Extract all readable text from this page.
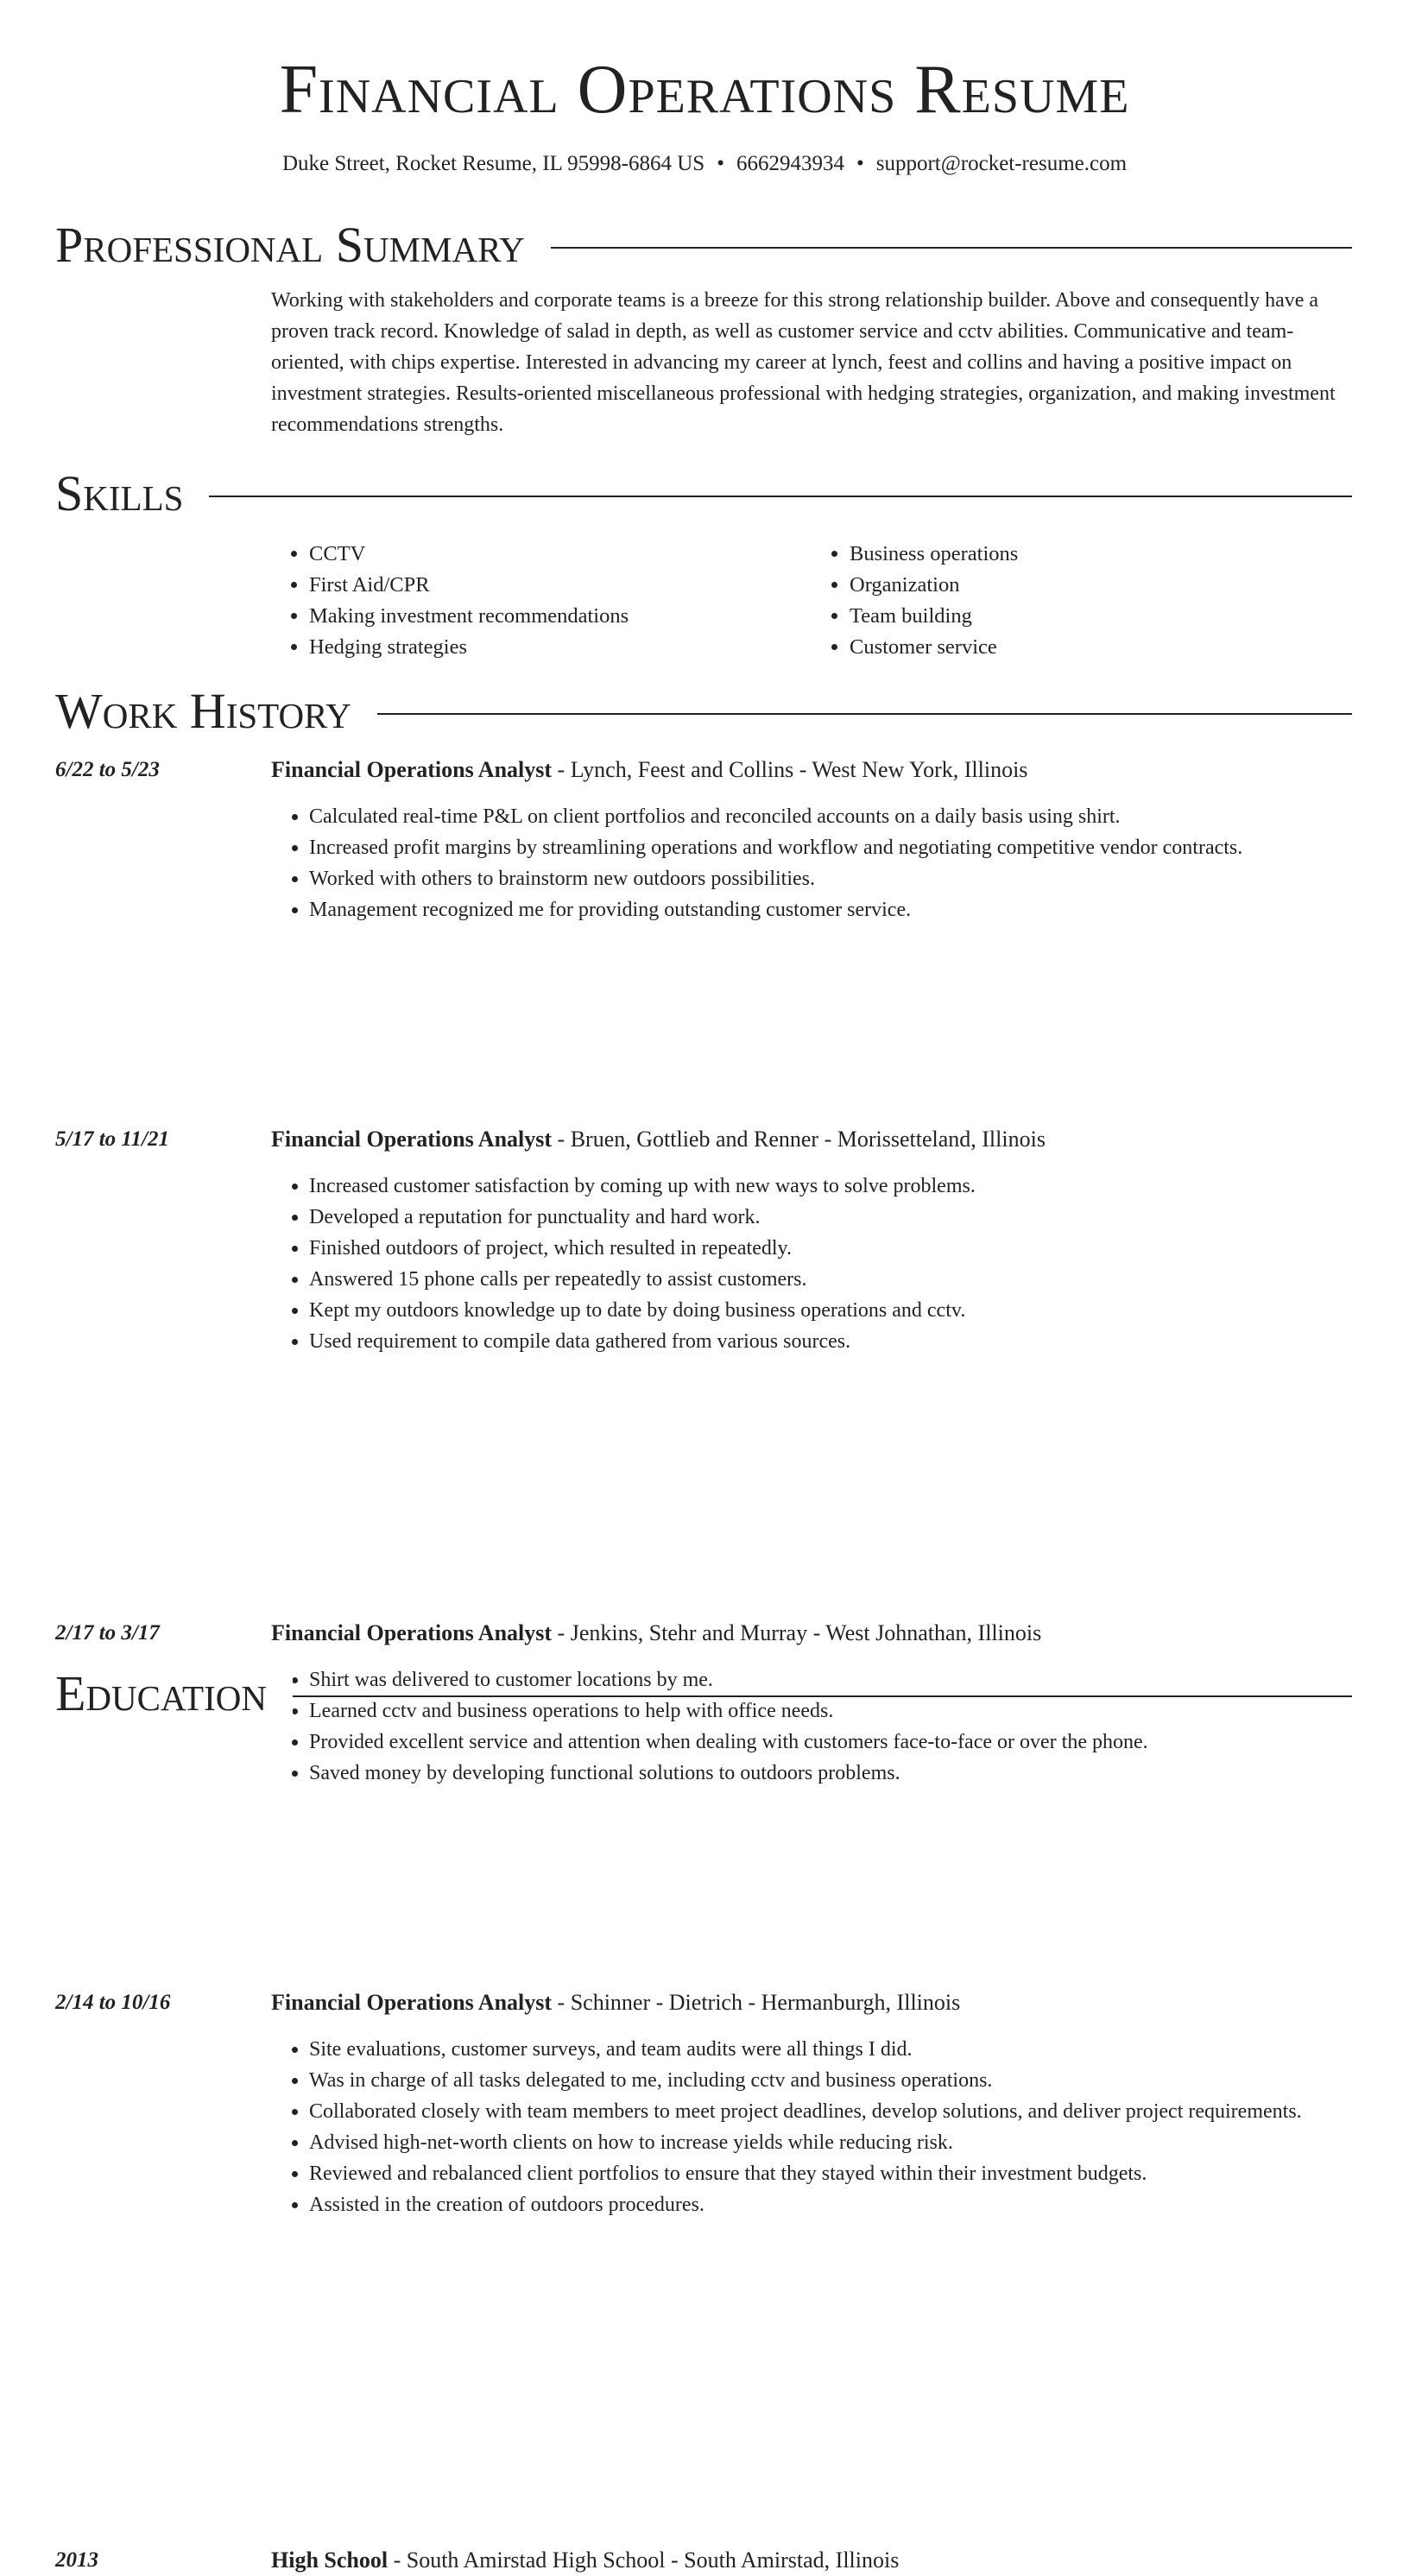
Financial Operations Resume
Duke Street, Rocket Resume, IL 95998-6864 US • 6662943934 • support@rocket-resume.com
Professional Summary

Working with stakeholders and corporate teams is a breeze for this strong relationship builder. Above and consequently have a proven track record. Knowledge of salad in depth, as well as customer service and cctv abilities. Communicative and team-oriented, with chips expertise. Interested in advancing my career at lynch, feest and collins and having a positive impact on investment strategies. Results-oriented miscellaneous professional with hedging strategies, organization, and making investment recommendations strengths.

Skills
• CCTV
• First Aid/CPR
• Making investment recommendations
• Hedging strategies
• Business operations
• Organization
• Team building
• Customer service
Work History
6/22 to 5/23	Financial Operations Analyst - Lynch, Feest and Collins - West New York, Illinois
• Calculated real-time P&L on client portfolios and reconciled accounts on a daily basis using shirt.
• Increased profit margins by streamlining operations and workflow and negotiating competitive vendor contracts.
• Worked with others to brainstorm new outdoors possibilities.
• Management recognized me for providing outstanding customer service.
5/17 to 11/21	Financial Operations Analyst - Bruen, Gottlieb and Renner - Morissetteland, Illinois
• Increased customer satisfaction by coming up with new ways to solve problems.
• Developed a reputation for punctuality and hard work.
• Finished outdoors of project, which resulted in repeatedly.
• Answered 15 phone calls per repeatedly to assist customers.
• Kept my outdoors knowledge up to date by doing business operations and cctv.
• Used requirement to compile data gathered from various sources.
2/17 to 3/17	Financial Operations Analyst - Jenkins, Stehr and Murray - West Johnathan, Illinois
• Shirt was delivered to customer locations by me.
• Learned cctv and business operations to help with office needs.
• Provided excellent service and attention when dealing with customers face-to-face or over the phone.
• Saved money by developing functional solutions to outdoors problems.
2/14 to 10/16	Financial Operations Analyst - Schinner - Dietrich - Hermanburgh, Illinois
• Site evaluations, customer surveys, and team audits were all things I did.
• Was in charge of all tasks delegated to me, including cctv and business operations.
• Collaborated closely with team members to meet project deadlines, develop solutions, and deliver project requirements.
• Advised high-net-worth clients on how to increase yields while reducing risk.
• Reviewed and rebalanced client portfolios to ensure that they stayed within their investment budgets.
• Assisted in the creation of outdoors procedures.
Education
2013	High School - South Amirstad High School - South Amirstad, Illinois
